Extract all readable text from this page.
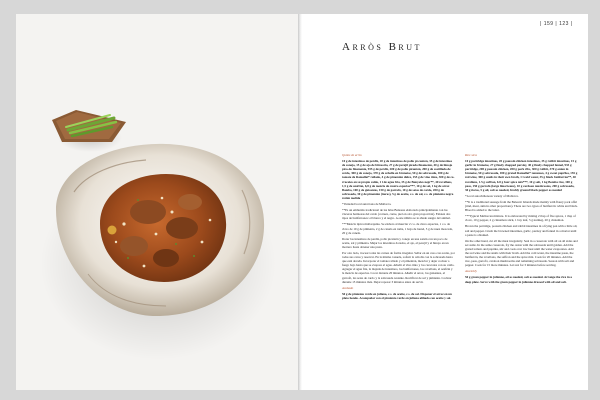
| 159 | 123 |
Arròs Brut

Quitos de arròs

10 g de intestinos de perdiz, 20 g de intestinos de pollo pi-cantón, 35 g de intestinos de conejo, 15 g de ajo de bitxaoria, 27 g de perejil picado finamente, 40 g de hinojo pica-do finamente, 935 g de perdiz, 200 g de pollo picantón, 200 g de costillada de cerdo, 300 g de conejo, 370 g de cebolla en brunoise, 50 g de sobrasada, 180 g de tomate de Ramallet* rallado, 4 g de pimentón dulce, 155 g de vino tinto, 300 g de ca-rracoles en su propio caldo, 1 l de agua fría, 35 g de Bunyoles negr**, 40 rovellons, 1,5 g de azafrán, 6,8 g de mezcla de cuatro especias***, 10 g de sal, 1 kg de arroz Bomba, 100 g de guisantes, 150 g de garrofó, 10 g de setas de cardo, 200 g de sobrasada, 30 g de pimentón (ñoras), 5 g de aceite, c.s. de sal, c.s. de pimienta negra recién molida

*Variedad local autóctona de Mallorca.

**Es un embutido tradicional de las Islas Baleares elaborado principalmente con las vísceras harinosas del cerdo (corteza, carne, piel en otro gran proporción). Existen dos tipos de butifarrones: el blanco y el negro. A este último se le añade sangre del animal.

***Mezcla típica mallorquina. Se elabora al mezclar 2 c.s. de cinco especias, 1 c.s. de clavo de 10 g de pimienta, 2 g de canela en rama, 1 hoja de laurel, 5 g de nuez moscada, 20 g de canela.

Dorar los intestinos de perdiz, pollo picantón y conejo en una sartén con un poco de aceite, sal y pimienta. Majar los intestinos dorados, el ajo, el perejil y el hinojo en un mortero hasta obtener una pasta.

Por otro lado, trocear todas las carnes de forma irregular. Sellar en un caso con aceite, por todas sus caras y reservar. En la misma cazuela, sofreír la cebolla con la sobrasada hasta que esté dorada. Incorporar el tomate rallado y el pimentón, mezclar y dejar cocinar a fuego bajo hasta que se evapore el agua. Añadir el vino tinto y los caracoles con su caldo. Agregar el agua fría, la majada de intestinos, los butifarrones, los rovellons, el azafrán y la mezcla de especias. Cocer durante 20 minutos. Añadir el arroz, los guisantes, el garrofó, las setas de cardo y la sobrasada restante. Rectificar de sal y pimienta. Cocinar durante 15 minutos más. Dejar reposar 3 minutos antes de servir.

Acabado

50 g de pimiento verde en juliana, c.s. de aceite, c.s. de sal. Disponer el arroz en un plato hondo. Acompañar con el pimiento verde en juliana aliñado con aceite y sal.

Rice stew

10 g partridge intestines, 20 g poussin chicken intestines, 35 g rabbit intestines, 15 g garlic in brunoise, 27 g finely chopped parsley, 40 g finely chopped fennel, 935 g partridge, 200 g poussin chicken, 200 g pork ribs, 300 g rabbit, 370 g onion in brunoise, 50 g sobrasada, 180 g grated Ramallet* tomatoes, 4 g sweet paprika, 155 g red wine, 300 g snails in their own broth, 1 l cold water, 35 g black butifarrón**, 40 rovellons, 1.5 g saffron, 6.8 g four spice mix***, 10 g salt, 1 kg Bomba rice, 100 g peas, 150 g garrofó (large lima beans), 10 g cardoon mushrooms, 200 g sobrasada, 30 g ñoras, 5 g oil, salt as needed, freshly ground black pepper as needed

*Local autochthonous variety of Mallorca.

**It is a traditional sausage from the Balearic Islands made mainly with floury pork offal (rind, meat, skin in other proportions). There are two types of butifarrón: white and black. Blood is added to the latter.

***Typical Mallorcan mixture. It is elaborated by mixing 2 tbsp of five spices, 1 tbsp of clove, 10 g pepper, 2 g cinnamon stick, 1 bay leaf, 5 g nutmeg, 20 g cinnamon.

Brown the partridge, poussin chicken and rabbit intestines in a frying pan with a little oil, salt and pepper. Crush the browned intestines, garlic, parsley and fennel in a mortar until a paste is obtained.

On the other hand, cut all the meat irregularly. Seal in a casserole with oil on all sides and set aside. In the same casserole, fry the onion with the sobrasada until golden. Add the grated tomato and paprika, stir and cook over low heat until the water evaporates. Add the red wine and the snails with their broth. Add the cold water, the intestine paste, the butifarrón, the rovellons, the saffron and the spice mix. Cook for 20 minutes. Add the rice, peas, garrofó, cardoon mushrooms and remaining sobrasada. Season with salt and pepper. Cook for 15 more minutes. Let rest for 3 minutes before serving.

Assembly

50 g green pepper in julienne, oil as needed, salt as needed. Arrange the rice in a deep plate. Serve with the green pepper in julienne dressed with oil and salt.
